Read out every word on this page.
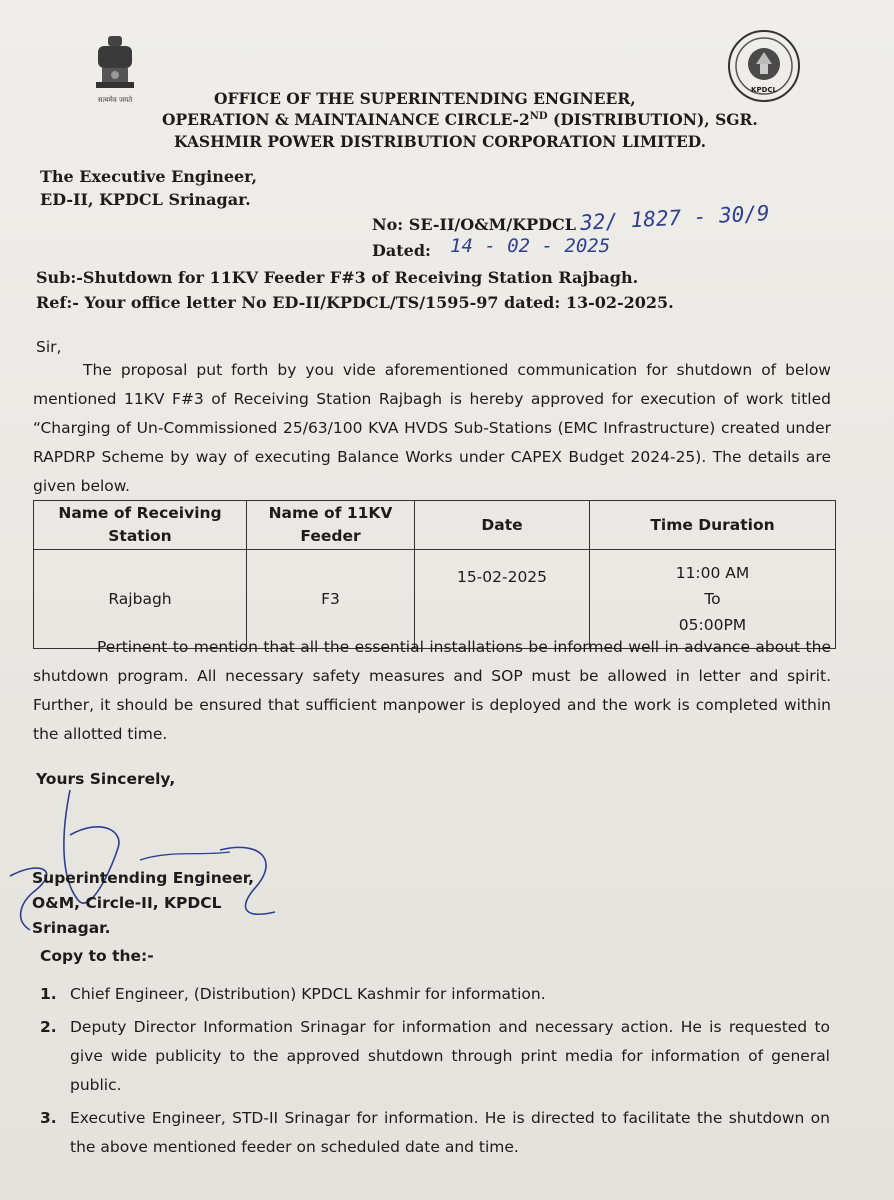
सत्यमेव जयते
KPDCL
OFFICE OF THE SUPERINTENDING ENGINEER,
OPERATION & MAINTAINANCE CIRCLE-2ND (DISTRIBUTION), SGR.
KASHMIR POWER DISTRIBUTION CORPORATION LIMITED.
The Executive Engineer,
ED-II, KPDCL Srinagar.
No: SE-II/O&M/KPDCL 32/ 1827 - 30/9
Dated: 14 - 02 - 2025
Sub:-Shutdown for 11KV Feeder F#3 of Receiving Station Rajbagh.
Ref:- Your office letter No ED-II/KPDCL/TS/1595-97 dated: 13-02-2025.
Sir,

The proposal put forth by you vide aforementioned communication for shutdown of below mentioned 11KV F#3 of Receiving Station Rajbagh is hereby approved for execution of work titled “Charging of Un-Commissioned 25/63/100 KVA HVDS Sub-Stations (EMC Infrastructure) created under RAPDRP Scheme by way of executing Balance Works under CAPEX Budget 2024-25). The details are given below.

Name of Receiving Station	Name of 11KV Feeder	Date	Time Duration
Rajbagh	F3	15-02-2025	11:00 AM
To
05:00PM

Pertinent to mention that all the essential installations be informed well in advance about the shutdown program. All necessary safety measures and SOP must be allowed in letter and spirit. Further, it should be ensured that sufficient manpower is deployed and the work is completed within the allotted time.

Yours Sincerely,
Superintending Engineer,
O&M, Circle-II, KPDCL
Srinagar.
Copy to the:-
1. Chief Engineer, (Distribution) KPDCL Kashmir for information.
2. Deputy Director Information Srinagar for information and necessary action. He is requested to give wide publicity to the approved shutdown through print media for information of general public.
3. Executive Engineer, STD-II Srinagar for information. He is directed to facilitate the shutdown on the above mentioned feeder on scheduled date and time.
